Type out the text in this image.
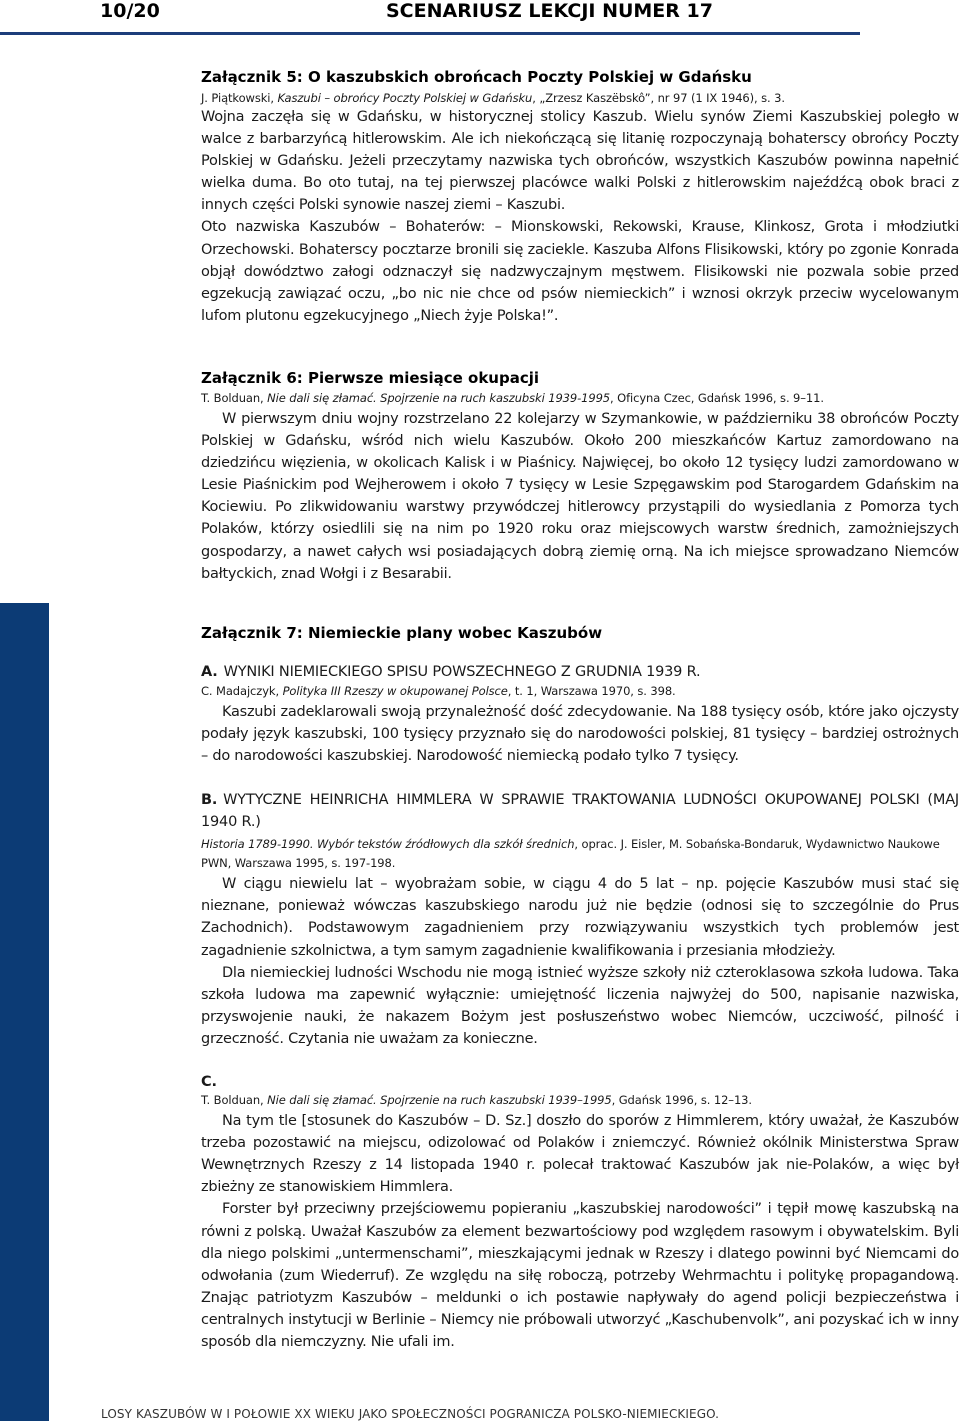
10/20	SCENARIUSZ LEKCJI NUMER 17

Załącznik 5: O kaszubskich obrońcach Poczty Polskiej w Gdańsku

J. Piątkowski, Kaszubi – obrońcy Poczty Polskiej w Gdańsku, „Zrzesz Kaszëbskô”, nr 97 (1 IX 1946), s. 3.

Wojna zaczęła się w Gdańsku, w historycznej stolicy Kaszub. Wielu synów Ziemi Kaszubskiej poległo w walce z barbarzyńcą hitlerowskim. Ale ich niekończącą się litanię rozpoczynają bohaterscy obrońcy Poczty Polskiej w Gdańsku. Jeżeli przeczytamy nazwiska tych obrońców, wszystkich Kaszubów powinna napełnić wielka duma. Bo oto tutaj, na tej pierwszej placówce walki Polski z hitlerowskim najeźdźcą obok braci z innych części Polski synowie naszej ziemi – Kaszubi.

Oto nazwiska Kaszubów – Bohaterów: – Mionskowski, Rekowski, Krause, Klinkosz, Grota i młodziutki Orzechowski. Bohaterscy pocztarze bronili się zaciekle. Kaszuba Alfons Flisikowski, który po zgonie Konrada objął dowództwo załogi odznaczył się nadzwyczajnym męstwem. Flisikowski nie pozwala sobie przed egzekucją zawiązać oczu, „bo nic nie chce od psów niemieckich” i wznosi okrzyk przeciw wycelowanym lufom plutonu egzekucyjnego „Niech żyje Polska!”.

Załącznik 6: Pierwsze miesiące okupacji

T. Bolduan, Nie dali się złamać. Spojrzenie na ruch kaszubski 1939-1995, Oficyna Czec, Gdańsk 1996, s. 9–11.

W pierwszym dniu wojny rozstrzelano 22 kolejarzy w Szymankowie, w październiku 38 obrońców Poczty Polskiej w Gdańsku, wśród nich wielu Kaszubów. Około 200 mieszkańców Kartuz zamordowano na dziedzińcu więzienia, w okolicach Kalisk i w Piaśnicy. Najwięcej, bo około 12 tysięcy ludzi zamordowano w Lesie Piaśnickim pod Wejherowem i około 7 tysięcy w Lesie Szpęgawskim pod Starogardem Gdańskim na Kociewiu. Po zlikwidowaniu warstwy przywódczej hitlerowcy przystąpili do wysiedlania z Pomorza tych Polaków, którzy osiedlili się na nim po 1920 roku oraz miejscowych warstw średnich, zamożniejszych gospodarzy, a nawet całych wsi posiadających dobrą ziemię orną. Na ich miejsce sprowadzano Niemców bałtyckich, znad Wołgi i z Besarabii.

Załącznik 7: Niemieckie plany wobec Kaszubów

A. WYNIKI NIEMIECKIEGO SPISU POWSZECHNEGO Z GRUDNIA 1939 R.

C. Madajczyk, Polityka III Rzeszy w okupowanej Polsce, t. 1, Warszawa 1970, s. 398.

Kaszubi zadeklarowali swoją przynależność dość zdecydowanie. Na 188 tysięcy osób, które jako ojczysty podały język kaszubski, 100 tysięcy przyznało się do narodowości polskiej, 81 tysięcy – bardziej ostrożnych – do narodowości kaszubskiej. Narodowość niemiecką podało tylko 7 tysięcy.

B. WYTYCZNE HEINRICHA HIMMLERA W SPRAWIE TRAKTOWANIA LUDNOŚCI OKUPOWANEJ POLSKI (MAJ 1940 R.)

Historia 1789-1990. Wybór tekstów źródłowych dla szkół średnich, oprac. J. Eisler, M. Sobańska-Bondaruk, Wydawnictwo Naukowe PWN, Warszawa 1995, s. 197-198.

W ciągu niewielu lat – wyobrażam sobie, w ciągu 4 do 5 lat – np. pojęcie Kaszubów musi stać się nieznane, ponieważ wówczas kaszubskiego narodu już nie będzie (odnosi się to szczególnie do Prus Zachodnich). Podstawowym zagadnieniem przy rozwiązywaniu wszystkich tych problemów jest zagadnienie szkolnictwa, a tym samym zagadnienie kwalifikowania i przesiania młodzieży.

Dla niemieckiej ludności Wschodu nie mogą istnieć wyższe szkoły niż czteroklasowa szkoła ludowa. Taka szkoła ludowa ma zapewnić wyłącznie: umiejętność liczenia najwyżej do 500, napisanie nazwiska, przyswojenie nauki, że nakazem Bożym jest posłuszeństwo wobec Niemców, uczciwość, pilność i grzeczność. Czytania nie uważam za konieczne.

C.

T. Bolduan, Nie dali się złamać. Spojrzenie na ruch kaszubski 1939–1995, Gdańsk 1996, s. 12–13.

Na tym tle [stosunek do Kaszubów – D. Sz.] doszło do sporów z Himmlerem, który uważał, że Kaszubów trzeba pozostawić na miejscu, odizolować od Polaków i zniemczyć. Również okólnik Ministerstwa Spraw Wewnętrznych Rzeszy z 14 listopada 1940 r. polecał traktować Kaszubów jak nie-Polaków, a więc był zbieżny ze stanowiskiem Himmlera.

Forster był przeciwny przejściowemu popieraniu „kaszubskiej narodowości” i tępił mowę kaszubską na równi z polską. Uważał Kaszubów za element bezwartościowy pod względem rasowym i obywatelskim. Byli dla niego polskimi „untermenschami”, mieszkającymi jednak w Rzeszy i dlatego powinni być Niemcami do odwołania (zum Wiederruf). Ze względu na siłę roboczą, potrzeby Wehrmachtu i politykę propagandową. Znając patriotyzm Kaszubów – meldunki o ich postawie napływały do agend policji bezpieczeństwa i centralnych instytucji w Berlinie – Niemcy nie próbowali utworzyć „Kaschubenvolk”, ani pozyskać ich w inny sposób dla niemczyzny. Nie ufali im.

LOSY KASZUBÓW W I POŁOWIE XX WIEKU JAKO SPOŁECZNOŚCI POGRANICZA POLSKO-NIEMIECKIEGO.
